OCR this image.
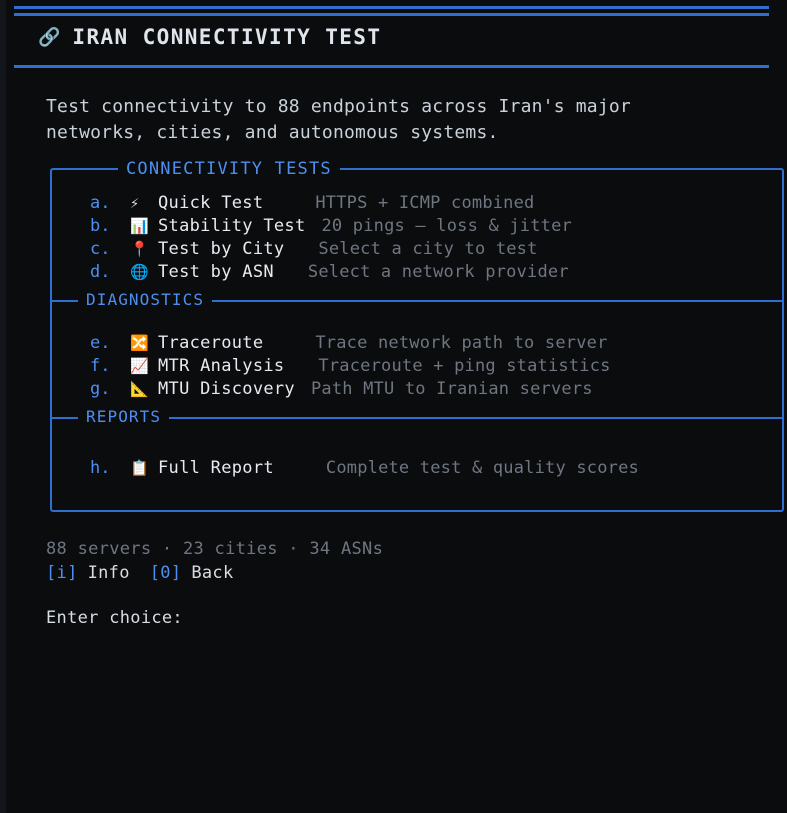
🔗 IRAN CONNECTIVITY TEST
Test connectivity to 88 endpoints across Iran's major networks, cities, and autonomous systems.
CONNECTIVITY TESTS
a.	⚡	Quick Test	HTTPS + ICMP combined
b.	📊 Stability Test 20 pings — loss & jitter
c.	📍 Test by City Select a city to test
d.	🌐 Test by ASN Select a network provider
DIAGNOSTICS
e.	🔀 Traceroute	Trace network path to server
f.	📈 MTR Analysis Traceroute + ping statistics
g.	📐 MTU Discovery Path MTU to Iranian servers
REPORTS
h.	📋 Full Report	Complete test & quality scores
88 servers · 23 cities · 34 ASNs
[i] Info [0] Back
Enter choice:
